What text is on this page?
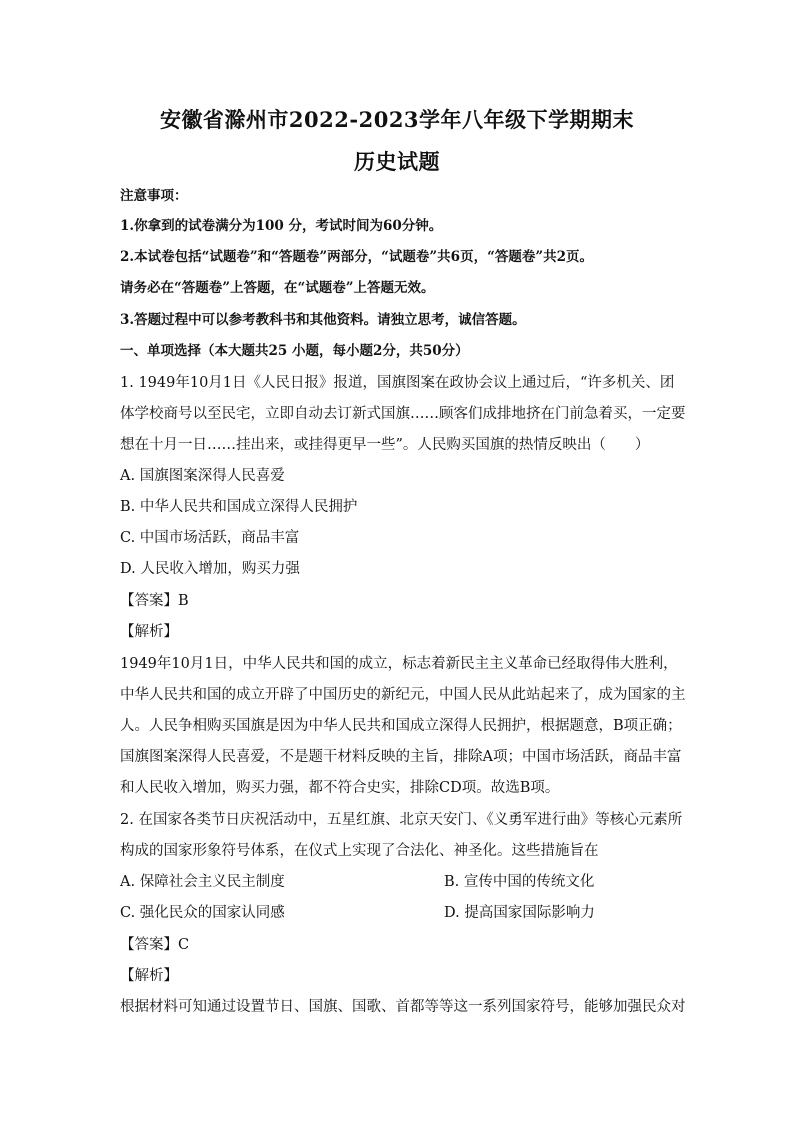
安徽省滁州市2022-2023学年八年级下学期期末
历史试题
注意事项：
1.你拿到的试卷满分为100 分，考试时间为60分钟。
2.本试卷包括“试题卷”和“答题卷”两部分，“试题卷”共6页，“答题卷”共2页。
请务必在“答题卷”上答题，在“试题卷”上答题无效。
3.答题过程中可以参考教科书和其他资料。请独立思考，诚信答题。
一、单项选择（本大题共25 小题，每小题2分，共50分）
1. 1949年10月1日《人民日报》报道，国旗图案在政协会议上通过后，“许多机关、团
体学校商号以至民宅，立即自动去订新式国旗……顾客们成排地挤在门前急着买，一定要
想在十月一日……挂出来，或挂得更早一些”。人民购买国旗的热情反映出（　　）
A. 国旗图案深得人民喜爱
B. 中华人民共和国成立深得人民拥护
C. 中国市场活跃，商品丰富
D. 人民收入增加，购买力强
【答案】B
【解析】
1949年10月1日，中华人民共和国的成立，标志着新民主主义革命已经取得伟大胜利，
中华人民共和国的成立开辟了中国历史的新纪元，中国人民从此站起来了，成为国家的主
人。人民争相购买国旗是因为中华人民共和国成立深得人民拥护，根据题意，B项正确；
国旗图案深得人民喜爱，不是题干材料反映的主旨，排除A项；中国市场活跃，商品丰富
和人民收入增加，购买力强，都不符合史实，排除CD项。故选B项。
2. 在国家各类节日庆祝活动中，五星红旗、北京天安门、《义勇军进行曲》等核心元素所
构成的国家形象符号体系，在仪式上实现了合法化、神圣化。这些措施旨在
A. 保障社会主义民主制度	B. 宣传中国的传统文化
C. 强化民众的国家认同感	D. 提高国家国际影响力
【答案】C
【解析】
根据材料可知通过设置节日、国旗、国歌、首都等等这一系列国家符号，能够加强民众对
